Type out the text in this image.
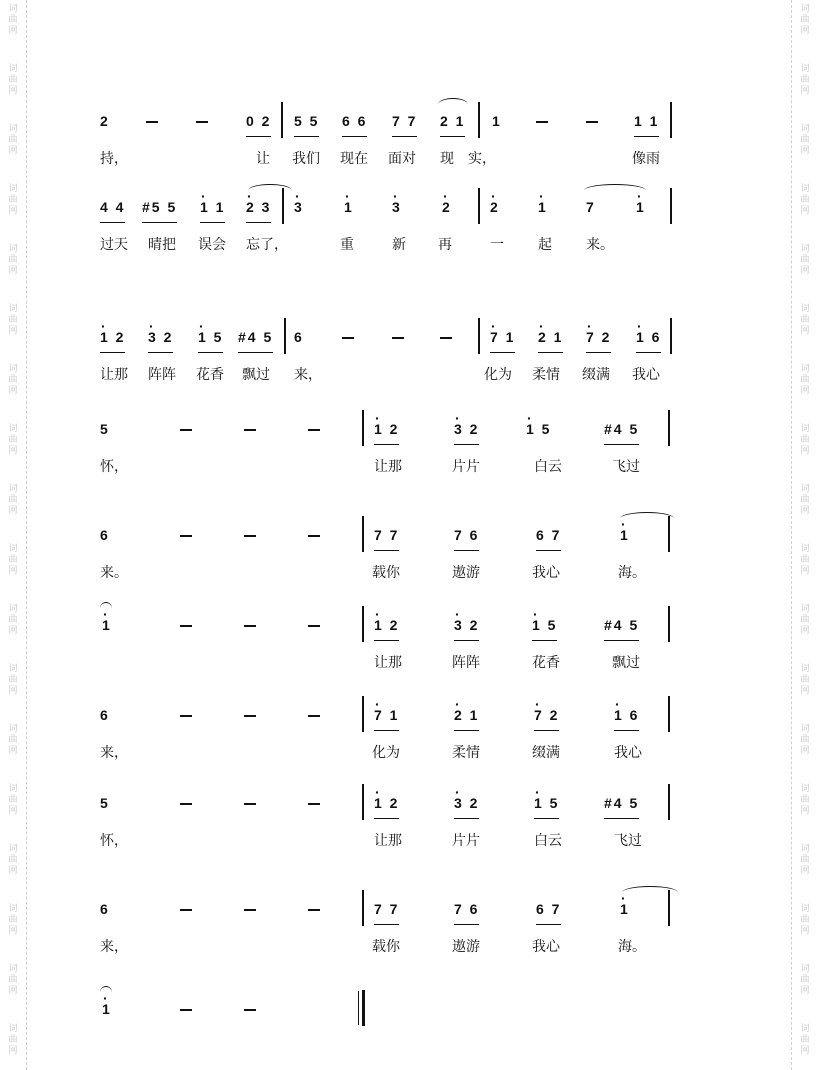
词
曲
网
词
曲
网
词
曲
网
词
曲
网
词
曲
网
词
曲
网
词
曲
网
词
曲
网
词
曲
网
词
曲
网
词
曲
网
词
曲
网
词
曲
网
词
曲
网
词
曲
网
词
曲
网
词
曲
网
词
曲
网
词
曲
网
词
曲
网
词
曲
网
词
曲
网
词
曲
网
词
曲
网
词
曲
网
词
曲
网
词
曲
网
词
曲
网
词
曲
网
词
曲
网
词
曲
网
词
曲
网
词
曲
网
词
曲
网
词
曲
网
词
曲
网
2	0 2 5 5 6 6 7 7 2 1 1	1 1
持，	让 我们 现在 面对 现 实，	像雨
4 4 #5 5 · 1 1 · 2 3 · 3	· 1	· 3	· 2	· 2	· 1	7	· 1
过天 晴把 误会 忘了，	重	新 再	一 起 来。
· 1 2 · 3 2 · 1 5 #4 5 6	· 7 1 · 2 1 · 7 2 · 1 6
让那 阵阵 花香 飘过 来，	化为 柔情 缀满 我心
5	· 1 2	· 3 2	· 1 5	#4 5
怀，	让那	片片	白云	飞过
6	7 7	7 6	6 7	· 1
来。	载你	遨游	我心	海。
· 1	· 1 2	· 3 2	· 1 5	#4 5
让那	阵阵	花香	飘过
6	· 7 1	· 2 1	· 7 2	· 1 6
来，	化为	柔情	缀满	我心
5	· 1 2	· 3 2	· 1 5	#4 5
怀，	让那	片片	白云	飞过
6	7 7	7 6	6 7	· 1
来，	载你	遨游	我心	海。
· 1
